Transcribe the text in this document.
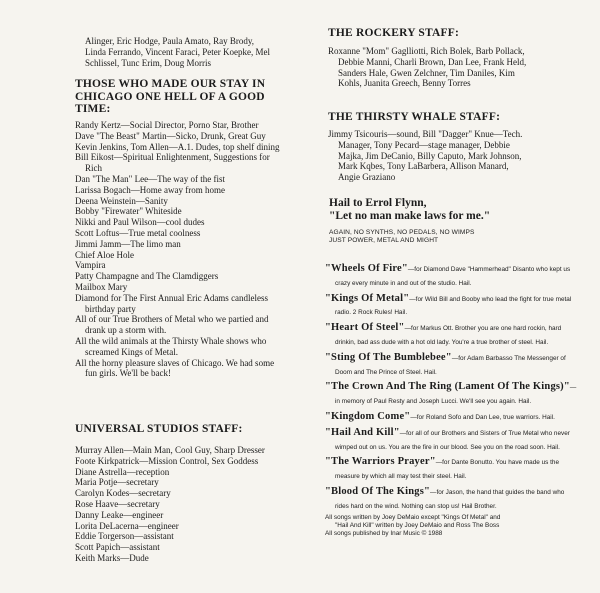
Alinger, Eric Hodge, Paula Amato, Ray Brody,
Linda Ferrando, Vincent Faraci, Peter Koepke, Mel
Schlissel, Tunc Erim, Doug Morris
THOSE WHO MADE OUR STAY IN
CHICAGO ONE HELL OF A GOOD
TIME:
Randy Kertz—Social Director, Porno Star, Brother
Dave "The Beast" Martin—Sicko, Drunk, Great Guy
Kevin Jenkins, Tom Allen—A.1. Dudes, top shelf dining
Bill Eikost—Spiritual Enlightenment, Suggestions for Rich
Dan "The Man" Lee—The way of the fist
Larissa Bogach—Home away from home
Deena Weinstein—Sanity
Bobby "Firewater" Whiteside
Nikki and Paul Wilson—cool dudes
Scott Loftus—True metal coolness
Jimmi Jamm—The limo man
Chief Aloe Hole
Vampira
Patty Champagne and The Clamdiggers
Mailbox Mary
Diamond for The First Annual Eric Adams candleless birthday party
All of our True Brothers of Metal who we partied and drank up a storm with.
All the wild animals at the Thirsty Whale shows who screamed Kings of Metal.
All the horny pleasure slaves of Chicago. We had some fun girls. We'll be back!
UNIVERSAL STUDIOS STAFF:
Murray Allen—Main Man, Cool Guy, Sharp Dresser
Foote Kirkpatrick—Mission Control, Sex Goddess
Diane Astrella—reception
Maria Potje—secretary
Carolyn Kodes—secretary
Rose Haave—secretary
Danny Leake—engineer
Lorita DeLacerna—engineer
Eddie Torgerson—assistant
Scott Papich—assistant
Keith Marks—Dude
THE ROCKERY STAFF:
Roxanne "Mom" Gaglliotti, Rich Bolek, Barb Pollack,
Debbie Manni, Charli Brown, Dan Lee, Frank Held,
Sanders Hale, Gwen Zelchner, Tim Daniles, Kim
Kohls, Juanita Greech, Benny Torres
THE THIRSTY WHALE STAFF:
Jimmy Tsicouris—sound, Bill "Dagger" Knue—Tech.
Manager, Tony Pecard—stage manager, Debbie
Majka, Jim DeCanio, Billy Caputo, Mark Johnson,
Mark Kqbes, Tony LaBarbera, Allison Manard,
Angie Graziano
Hail to Errol Flynn,
"Let no man make laws for me."
AGAIN, NO SYNTHS, NO PEDALS, NO WIMPS
JUST POWER, METAL AND MIGHT
"Wheels Of Fire"—for Diamond Dave "Hammerhead" Disanto who kept us crazy every minute in and out of the studio. Hail.
"Kings Of Metal"—for Wild Bill and Booby who lead the fight for true metal radio. 2 Rock Rules! Hail.
"Heart Of Steel"—for Markus Ott. Brother you are one hard rockin, hard drinkin, bad ass dude with a hot old lady. You're a true brother of steel. Hail.
"Sting Of The Bumblebee"—for Adam Barbasso The Messenger of Doom and The Prince of Steel. Hail.
"The Crown And The Ring (Lament Of The Kings)"—in memory of Paul Resty and Joseph Lucci. We'll see you again. Hail.
"Kingdom Come"—for Roland Sofo and Dan Lee, true warriors. Hail.
"Hail And Kill"—for all of our Brothers and Sisters of True Metal who never wimped out on us. You are the fire in our blood. See you on the road soon. Hail.
"The Warriors Prayer"—for Dante Bonutto. You have made us the measure by which all may test their steel. Hail.
"Blood Of The Kings"—for Jason, the hand that guides the band who rides hard on the wind. Nothing can stop us! Hail Brother.
All songs written by Joey DeMaio except "Kings Of Metal" and
"Hail And Kill" written by Joey DeMaio and Ross The Boss
All songs published by Inar Music © 1988
